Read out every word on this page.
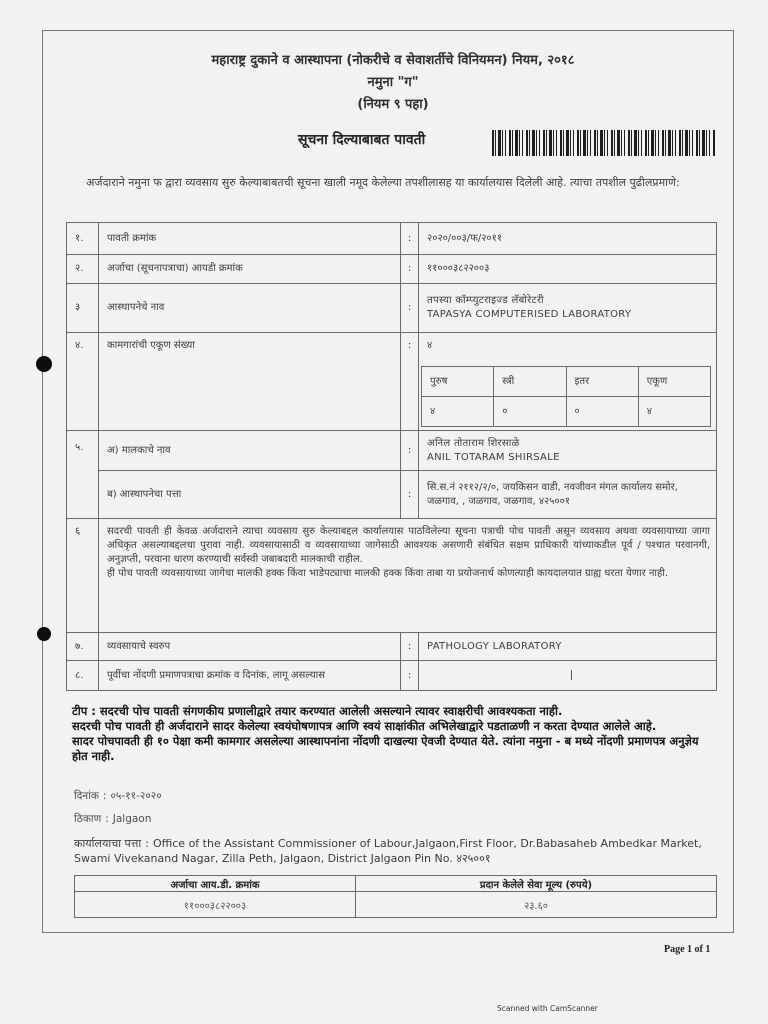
महाराष्ट्र दुकाने व आस्थापना (नोकरीचे व सेवाशर्तीचे विनियमन) नियम, २०१८
नमुना "ग"
(नियम ९ पहा)
सूचना दिल्याबाबत पावती
अर्जदाराने नमुना फ द्वारा व्यवसाय सुरु केल्याबाबतची सूचना खाली नमूद केलेल्या तपशीलासह या कार्यालयास दिलेली आहे. त्याचा तपशील पुढीलप्रमाणे:
१.	पावती क्रमांक	:	२०२०/००३/फ/२०११
२.	अर्जाचा (सूचनापत्राचा) आयडी क्रमांक	:	११०००३८२२००३
३	आस्थापनेचे नाव	:	
तपस्या कॉम्प्युटराइज्ड लॅबोरेटरी
TAPASYA COMPUTERISED LABORATORY

४.	कामगारांची एकूण संख्या	:	४
पुरुष	स्त्री	इतर	एकूण
४	०	०	४

५.	अ) मालकाचे नाव	:	
अनिल तोताराम शिरसाळे
ANIL TOTARAM SHIRSALE

ब) आस्थापनेचा पत्ता	:	सि.स.नं २११२/२/०, जयकिसन वाडी, नवजीवन मंगल कार्यालय समोर, जळगाव, , जळगाव, जळगाव, ४२५००१
६	सदरची पावती ही केवळ अर्जदाराने त्याचा व्यवसाय सुरु केल्याबद्दल कार्यालयास पाठविलेल्या सूचना पत्राची पोच पावती असून व्यवसाय अथवा व्यवसायाच्या जागा अधिकृत असल्याबद्दलचा पुरावा नाही. व्यवसायासाठी व व्यवसायाच्या जागेसाठी आवश्यक असणारी संबंधित सक्षम प्राधिकारी यांच्याकडील पूर्व / पश्चात परवानगी, अनुज्ञप्ती, परवाना धारण करण्याची सर्वस्वी जबाबदारी मालकाची राहील.

ही पोच पावती व्यवसायाच्या जागेचा मालकी हक्क किंवा भाडेपट्याचा मालकी हक्क किंवा ताबा या प्रयोजनार्थ कोणत्याही कायदालयात ग्राह्य धरता येणार नाही.

७.	व्यवसायाचे स्वरुप	:	PATHOLOGY LABORATORY
८.	पूर्वीचा नोंदणी प्रमाणपत्राचा क्रमांक व दिनांक, लागू असल्यास	:	

टीप : सदरची पोच पावती संगणकीय प्रणालीद्वारे तयार करण्यात आलेली असल्याने त्यावर स्वाक्षरीची आवश्यकता नाही.

सदरची पोच पावती ही अर्जदाराने सादर केलेल्या स्वयंघोषणापत्र आणि स्वयं साक्षांकीत अभिलेखाद्वारे पडताळणी न करता देण्यात आलेले आहे.

सादर पोचपावती ही १० पेक्षा कमी कामगार असलेल्या आस्थापनांना नोंदणी दाखल्या ऐवजी देण्यात येते. त्यांना नमुना - ब मध्ये नोंदणी प्रमाणपत्र अनुज्ञेय होत नाही.

दिनांक : ०५-११-२०२०
ठिकाण : Jalgaon
कार्यालयाचा पत्ता : Office of the Assistant Commissioner of Labour,Jalgaon,First Floor, Dr.Babasaheb Ambedkar Market, Swami Vivekanand Nagar, Zilla Peth, Jalgaon, District Jalgaon Pin No. ४२५००१
अर्जाचा आय.डी. क्रमांक	प्रदान केलेले सेवा मूल्य (रुपये)
११०००३८२२००३	२३.६०
Page 1 of 1
Scanned with CamScanner
